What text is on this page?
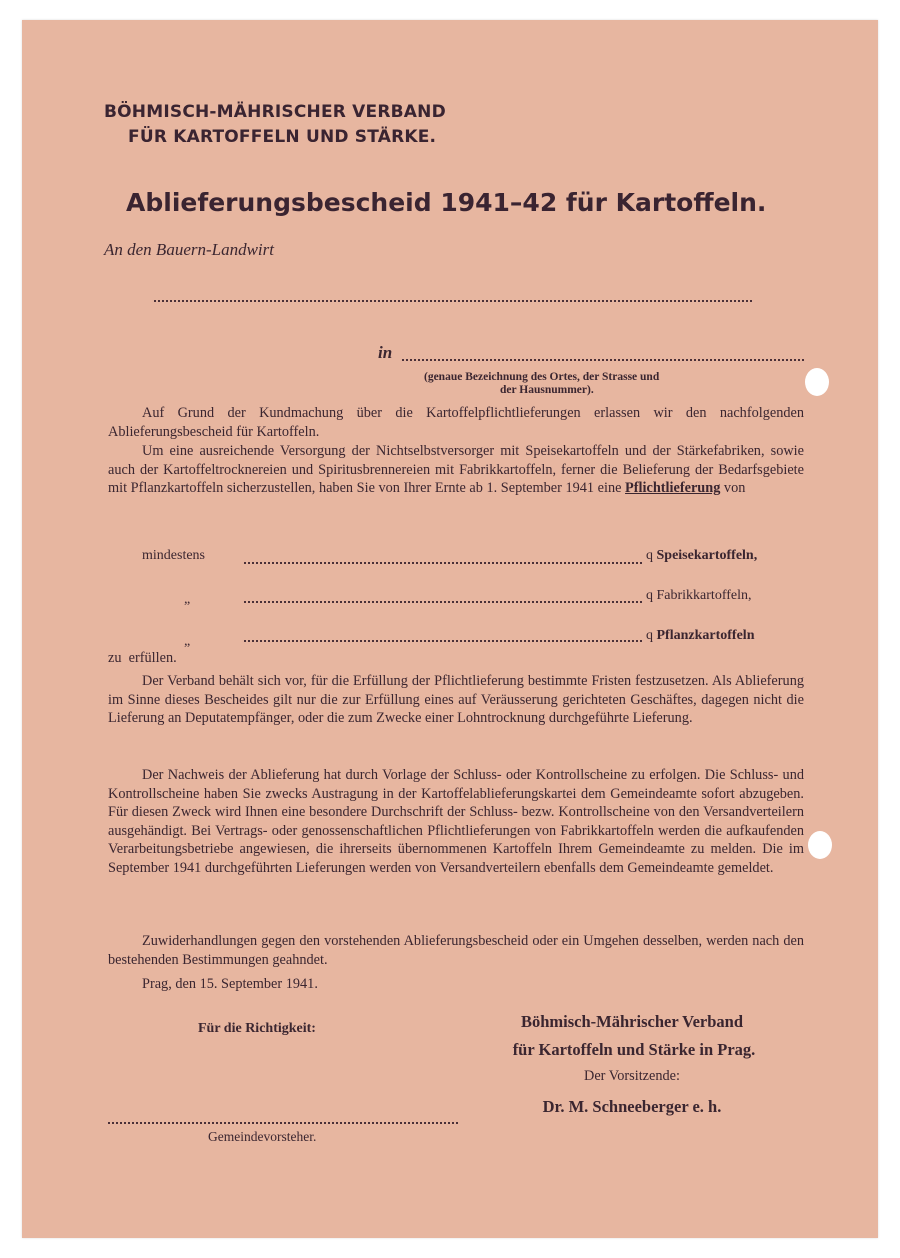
BÖHMISCH-MÄHRISCHER VERBAND
FÜR KARTOFFELN UND STÄRKE.
Ablieferungsbescheid 1941–42 für Kartoffeln.
An den Bauern-Landwirt
in
(genaue Bezeichnung des Ortes, der Strasse und
der Hausnummer).
Auf Grund der Kundmachung über die Kartoffelpflichtlieferungen erlassen wir den nachfolgenden Ablieferungsbescheid für Kartoffeln.
Um eine ausreichende Versorgung der Nichtselbstversorger mit Speisekartoffeln und der Stärkefabriken, sowie auch der Kartoffeltrocknereien und Spiritusbrennereien mit Fabrikkartoffeln, ferner die Belieferung der Bedarfsgebiete mit Pflanzkartoffeln sicherzustellen, haben Sie von Ihrer Ernte ab 1. September 1941 eine Pflichtlieferung von
mindestens	q Speisekartoffeln,
„	q Fabrikkartoffeln,
„	q Pflanzkartoffeln
zu  erfüllen.
Der Verband behält sich vor, für die Erfüllung der Pflichtlieferung bestimmte Fristen festzusetzen. Als Ablieferung im Sinne dieses Bescheides gilt nur die zur Erfüllung eines auf Veräusserung gerichteten Geschäftes, dagegen nicht die Lieferung an Deputatempfänger, oder die zum Zwecke einer Lohntrocknung durchgeführte Lieferung.
Der Nachweis der Ablieferung hat durch Vorlage der Schluss- oder Kontrollscheine zu erfolgen. Die Schluss- und Kontrollscheine haben Sie zwecks Austragung in der Kartoffelablieferungskartei dem Gemeindeamte sofort abzugeben. Für diesen Zweck wird Ihnen eine besondere Durchschrift der Schluss- bezw. Kontrollscheine von den Versandverteilern ausgehändigt. Bei Vertrags- oder genossenschaftlichen Pflichtlieferungen von Fabrikkartoffeln werden die aufkaufenden Verarbeitungsbetriebe angewiesen, die ihrerseits übernommenen Kartoffeln Ihrem Gemeindeamte zu melden. Die im September 1941 durchgeführten Lieferungen werden von Versandverteilern ebenfalls dem Gemeindeamte gemeldet.
Zuwiderhandlungen gegen den vorstehenden Ablieferungsbescheid oder ein Umgehen desselben, werden nach den bestehenden Bestimmungen geahndet.
Prag, den 15. September 1941.
Für die Richtigkeit:
Gemeindevorsteher.
Böhmisch-Mährischer Verband
für Kartoffeln und Stärke in Prag.
Der Vorsitzende:
Dr. M. Schneeberger e. h.
